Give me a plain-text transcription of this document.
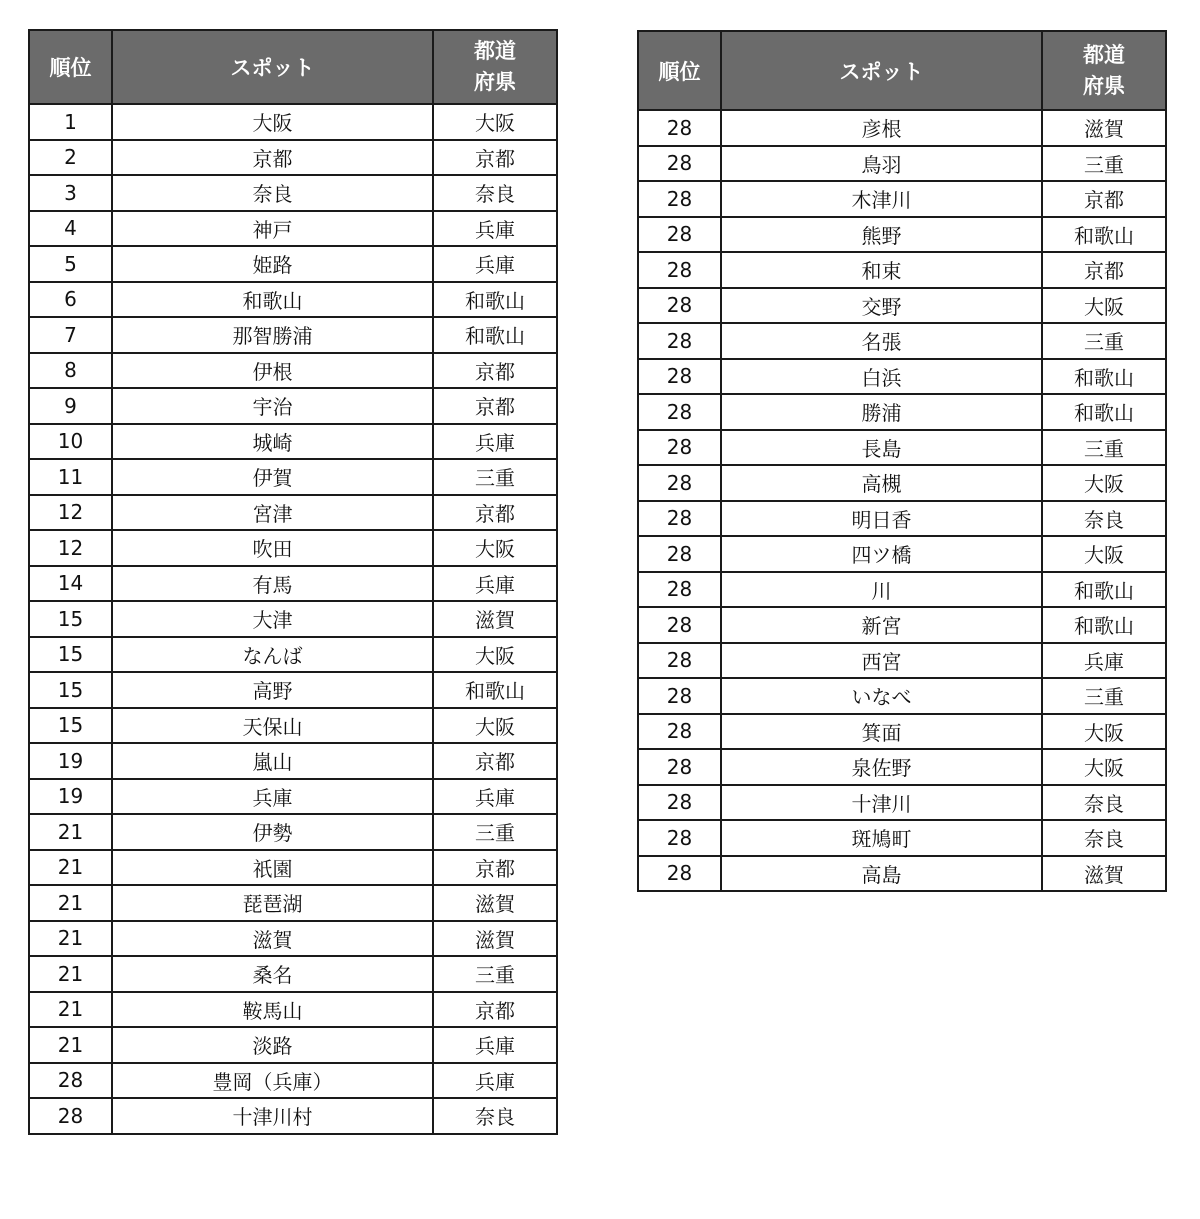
順位	スポット	都道
府県
1	大阪	大阪
2	京都	京都
3	奈良	奈良
4	神戸	兵庫
5	姫路	兵庫
6	和歌山	和歌山
7	那智勝浦	和歌山
8	伊根	京都
9	宇治	京都
10	城崎	兵庫
11	伊賀	三重
12	宮津	京都
12	吹田	大阪
14	有馬	兵庫
15	大津	滋賀
15	なんば	大阪
15	高野	和歌山
15	天保山	大阪
19	嵐山	京都
19	兵庫	兵庫
21	伊勢	三重
21	祇園	京都
21	琵琶湖	滋賀
21	滋賀	滋賀
21	桑名	三重
21	鞍馬山	京都
21	淡路	兵庫
28	豊岡（兵庫）	兵庫
28	十津川村	奈良
順位	スポット	都道
府県
28	彦根	滋賀
28	鳥羽	三重
28	木津川	京都
28	熊野	和歌山
28	和束	京都
28	交野	大阪
28	名張	三重
28	白浜	和歌山
28	勝浦	和歌山
28	長島	三重
28	高槻	大阪
28	明日香	奈良
28	四ツ橋	大阪
28	川	和歌山
28	新宮	和歌山
28	西宮	兵庫
28	いなべ	三重
28	箕面	大阪
28	泉佐野	大阪
28	十津川	奈良
28	斑鳩町	奈良
28	高島	滋賀
